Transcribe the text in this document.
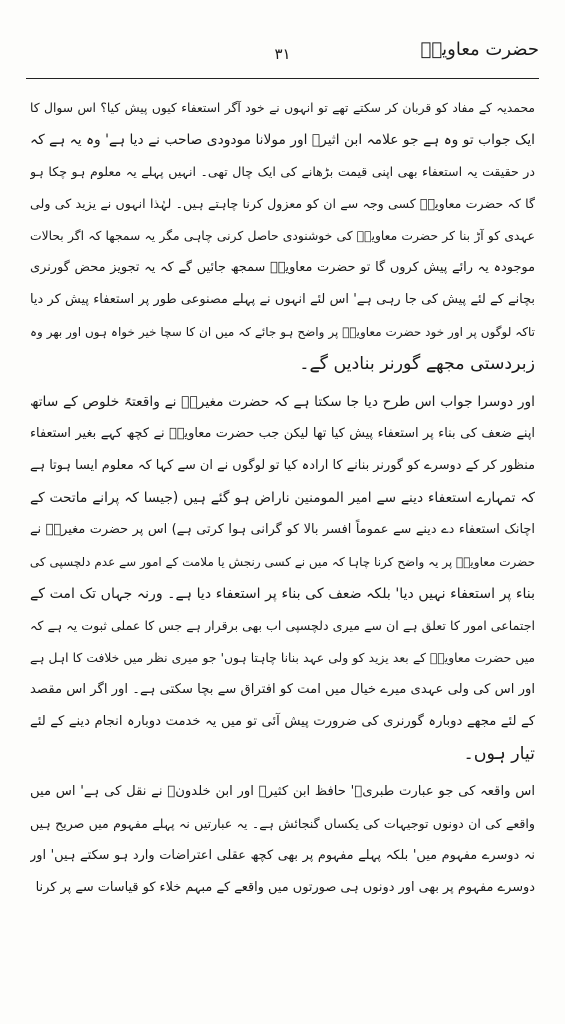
حضرت معاویہؓ
۳۱
محمدیہ کے مفاد کو قربان کر سکتے تھے تو انہوں نے خود آگر استعفاء کیوں پیش کیا؟ اس سوال کا
ایک جواب تو وہ ہے جو علامہ ابن اثیرؒ اور مولانا مودودی صاحب نے دیا ہے' وہ یہ ہے کہ
در حقیقت یہ استعفاء بھی اپنی قیمت بڑھانے کی ایک چال تھی۔ انہیں پہلے یہ معلوم ہو چکا ہو
گا کہ حضرت معاویہؓ کسی وجہ سے ان کو معزول کرنا چاہتے ہیں۔ لہٰذا انہوں نے یزید کی ولی
عہدی کو آڑ بنا کر حضرت معاویہؓ کی خوشنودی حاصل کرنی چاہی مگر یہ سمجھا کہ اگر بحالات
موجودہ یہ رائے پیش کروں گا تو حضرت معاویہؓ سمجھ جائیں گے کہ یہ تجویز محض گورنری
بچانے کے لئے پیش کی جا رہی ہے' اس لئے انہوں نے پہلے مصنوعی طور پر استعفاء پیش کر دیا
تاکہ لوگوں پر اور خود حضرت معاویہؓ پر واضح ہو جائے کہ میں ان کا سچا خیر خواہ ہوں اور بھر وہ
زبردستی مجھے گورنر بنادیں گے۔
اور دوسرا جواب اس طرح دیا جا سکتا ہے کہ حضرت مغیرہؓ نے واقعتہً خلوص کے ساتھ
اپنے ضعف کی بناء پر استعفاء پیش کیا تھا لیکن جب حضرت معاویہؓ نے کچھ کہے بغیر استعفاء
منظور کر کے دوسرے کو گورنر بنانے کا ارادہ کیا تو لوگوں نے ان سے کہا کہ معلوم ایسا ہوتا ہے
کہ تمہارے استعفاء دینے سے امیر المومنین ناراض ہو گئے ہیں (جیسا کہ پرانے ماتحت کے
اچانک استعفاء دے دینے سے عموماً افسر بالا کو گرانی ہوا کرتی ہے) اس پر حضرت مغیرہؓ نے
حضرت معاویہؓ پر یہ واضح کرنا چاہا کہ میں نے کسی رنجش یا ملامت کے امور سے عدم دلچسپی کی
بناء پر استعفاء نہیں دیا' بلکہ ضعف کی بناء پر استعفاء دیا ہے۔ ورنہ جہاں تک امت کے
اجتماعی امور کا تعلق ہے ان سے میری دلچسپی اب بھی برقرار ہے جس کا عملی ثبوت یہ ہے کہ
میں حضرت معاویہؓ کے بعد یزید کو ولی عہد بنانا چاہتا ہوں' جو میری نظر میں خلافت کا اہل ہے
اور اس کی ولی عہدی میرے خیال میں امت کو افتراق سے بچا سکتی ہے۔ اور اگر اس مقصد
کے لئے مجھے دوبارہ گورنری کی ضرورت پیش آئی تو میں یہ خدمت دوبارہ انجام دینے کے لئے
تیار ہوں۔
اس واقعہ کی جو عبارت طبریؒ' حافظ ابن کثیرؒ اور ابن خلدونؒ نے نقل کی ہے' اس میں
واقعے کی ان دونوں توجیہات کی یکساں گنجائش ہے۔ یہ عبارتیں نہ پہلے مفہوم میں صریح ہیں
نہ دوسرے مفہوم میں' بلکہ پہلے مفہوم پر بھی کچھ عقلی اعتراضات وارد ہو سکتے ہیں' اور
دوسرے مفہوم پر بھی اور دونوں ہی صورتوں میں واقعے کے مبہم خلاء کو قیاسات سے پر کرنا
